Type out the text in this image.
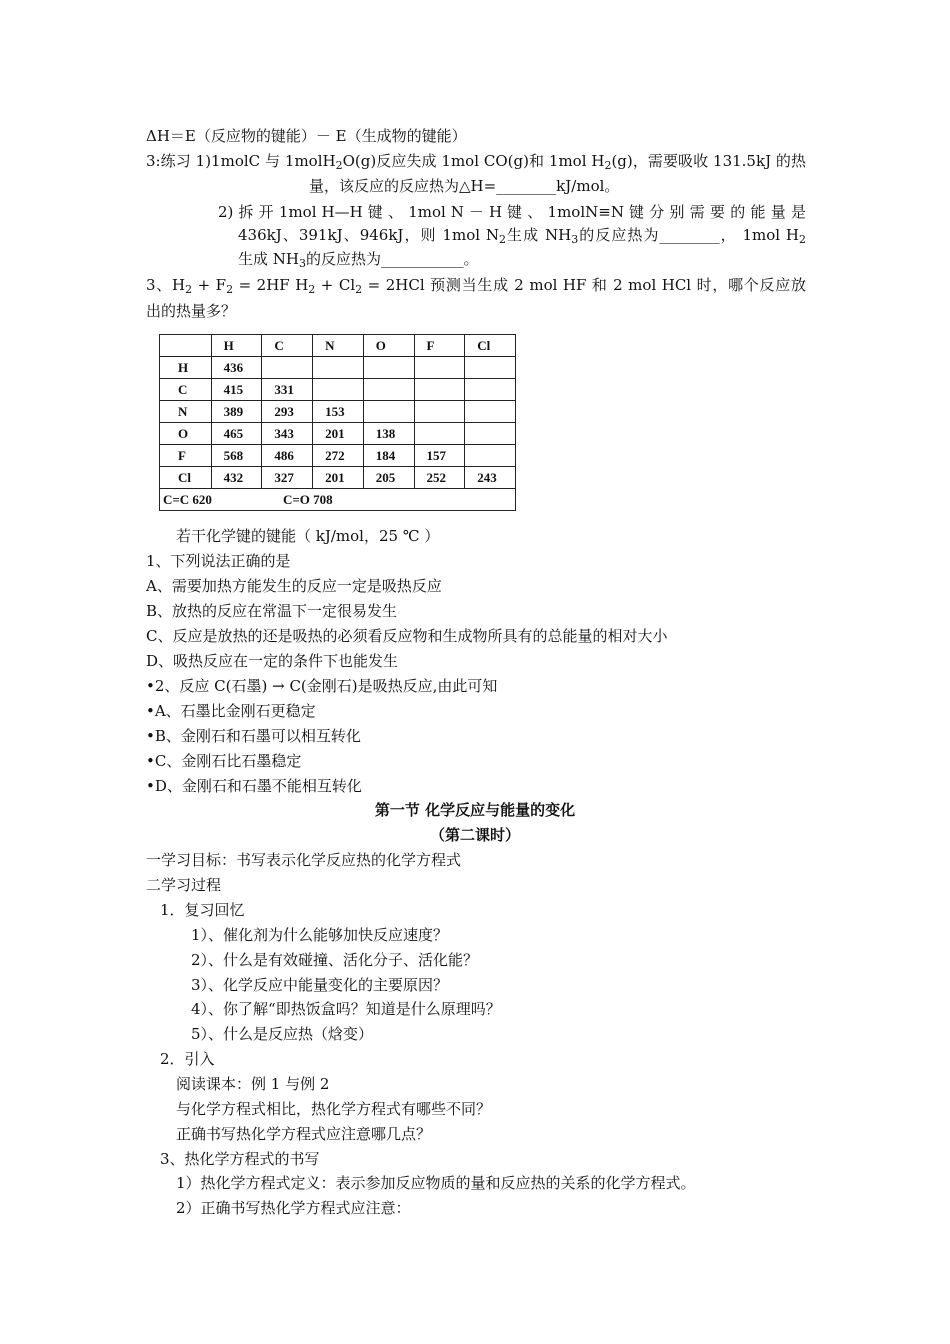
ΔH＝E（反应物的键能）－ E（生成物的键能）
3:练习 1)1molC 与 1molH$_2$O(g)反应失成 1mol CO(g)和 1mol $H_2(g)$，需要吸收 131.5kJ 的热
量，该反应的反应热为△H=________kJ/mol。
2) 拆 开 1mol H—H 键 、 1mol N － H 键 、 1molN≡N 键 分 别 需 要 的 能 量 是
436kJ、391kJ、946kJ，则 1mol $N_2$生成 $NH_3$的反应热为________， 1mol $H_2$
生成 $NH_3$的反应热为___________。
3、$H_2 + F_2 = 2HF$ $H_2 + Cl_2 = 2HCl$ 预测当生成 2 mol HF 和 2 mol HCl 时，哪个反应放
出的热量多？
	H	C	N	O	F	Cl
H	436					
C	415	331				
N	389	293	153			
O	465	343	201	138		
F	568	486	272	184	157	
Cl	432	327	201	205	252	243
C=C 620 C=O 708						
若干化学键的键能（ kJ/mol，25 ℃ ）
1、下列说法正确的是
A、需要加热方能发生的反应一定是吸热反应
B、放热的反应在常温下一定很易发生
C、反应是放热的还是吸热的必须看反应物和生成物所具有的总能量的相对大小
D、吸热反应在一定的条件下也能发生
•2、反应 C(石墨) → C(金刚石)是吸热反应,由此可知
•A、石墨比金刚石更稳定
•B、金刚石和石墨可以相互转化
•C、金刚石比石墨稳定
•D、金刚石和石墨不能相互转化
第一节 化学反应与能量的变化
（第二课时）
一学习目标：书写表示化学反应热的化学方程式
二学习过程
1．复习回忆
1）、催化剂为什么能够加快反应速度？
2）、什么是有效碰撞、活化分子、活化能？
3）、化学反应中能量变化的主要原因？
4）、你了解“即热饭盒吗？知道是什么原理吗？
5）、什么是反应热（焓变）
2．引入
阅读课本：例 1 与例 2
与化学方程式相比，热化学方程式有哪些不同？
正确书写热化学方程式应注意哪几点？
3、热化学方程式的书写
1）热化学方程式定义：表示参加反应物质的量和反应热的关系的化学方程式。
2）正确书写热化学方程式应注意：
